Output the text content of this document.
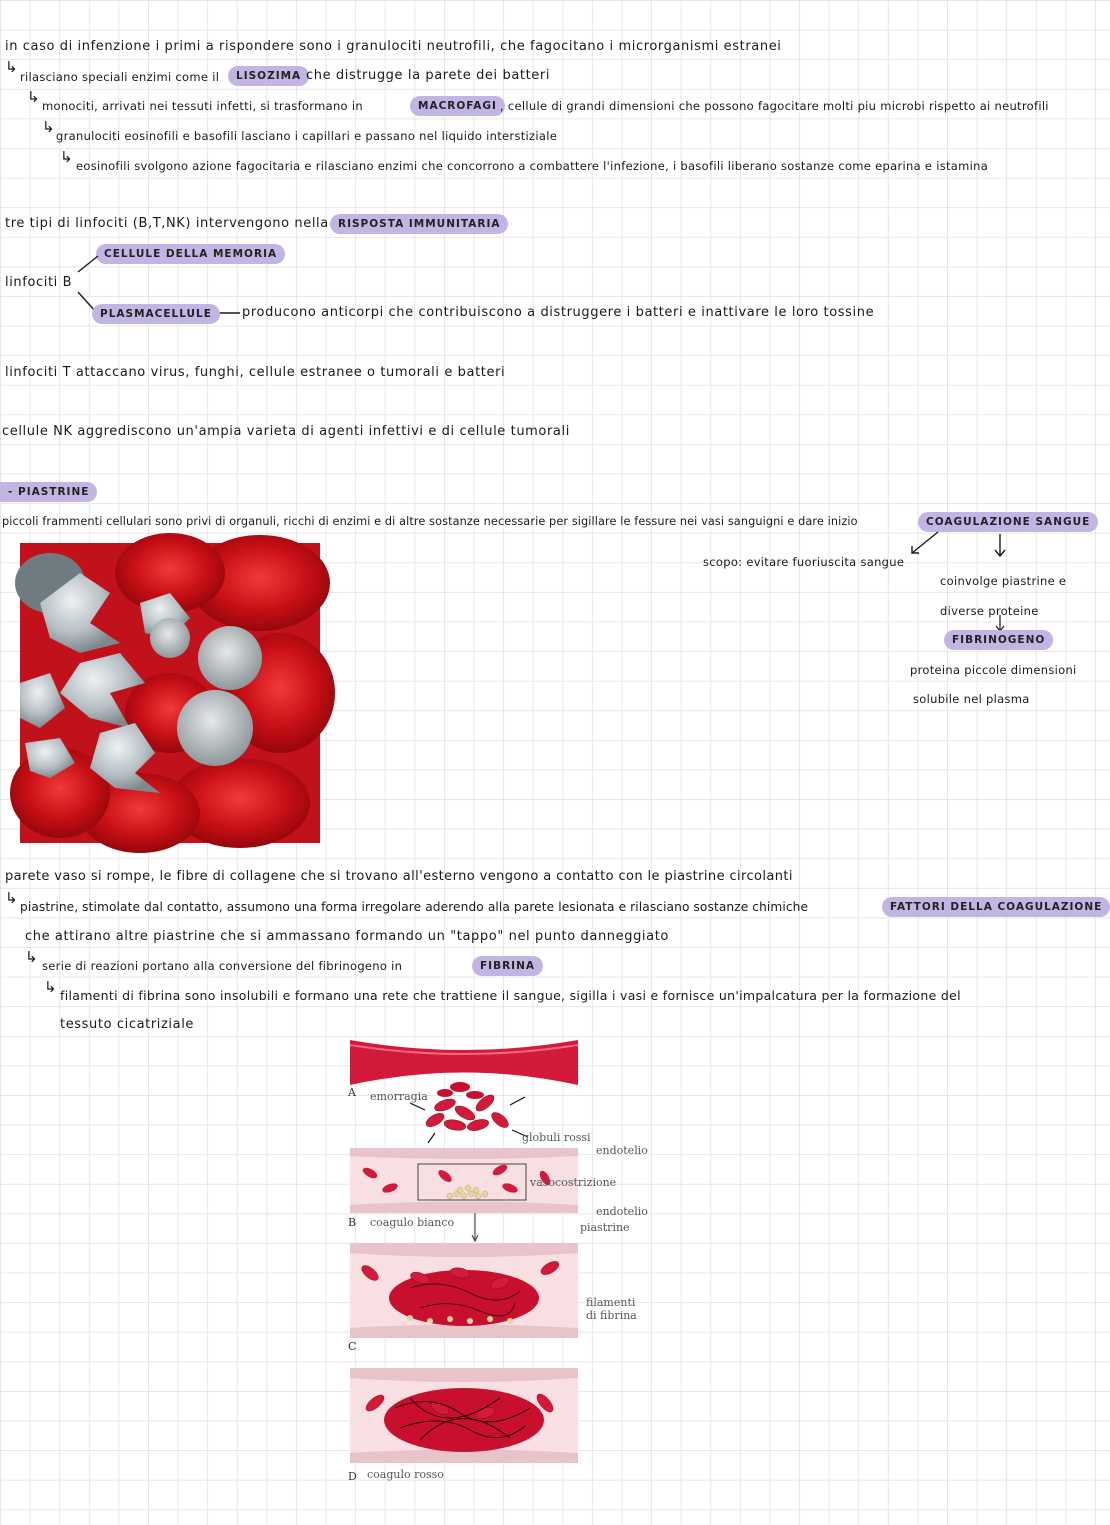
in caso di infenzione i primi a rispondere sono i granulociti neutrofili, che fagocitano i microrganismi estranei
↳
rilasciano speciali enzimi come il	LISOZIMA che distrugge la parete dei batteri
↳ monociti, arrivati nei tessuti infetti, si trasformano in	MACROFAGI , cellule di grandi dimensioni che possono fagocitare molti piu microbi rispetto ai neutrofili
↳ granulociti eosinofili e basofili lasciano i capillari e passano nel liquido interstiziale
↳ eosinofili svolgono azione fagocitaria e rilasciano enzimi che concorrono a combattere l'infezione, i basofili liberano sostanze come eparina e istamina
tre tipi di linfociti (B,T,NK) intervengono nella RISPOSTA IMMUNITARIA
CELLULE DELLA MEMORIA
linfociti B
PLASMACELLULE	producono anticorpi che contribuiscono a distruggere i batteri e inattivare le loro tossine
linfociti T attaccano virus, funghi, cellule estranee o tumorali e batteri
cellule NK aggrediscono un'ampia varieta di agenti infettivi e di cellule tumorali
- PIASTRINE
piccoli frammenti cellulari sono privi di organuli, ricchi di enzimi e di altre sostanze necessarie per sigillare le fessure nei vasi sanguigni e dare inizio	COAGULAZIONE SANGUE
scopo: evitare fuoriuscita sangue
coinvolge piastrine e
diverse proteine
FIBRINOGENO
proteina piccole dimensioni
solubile nel plasma
parete vaso si rompe, le fibre di collagene che si trovano all'esterno vengono a contatto con le piastrine circolanti
↳ piastrine, stimolate dal contatto, assumono una forma irregolare aderendo alla parete lesionata e rilasciano sostanze chimiche	FATTORI DELLA COAGULAZIONE
che attirano altre piastrine che si ammassano formando un "tappo" nel punto danneggiato
↳ serie di reazioni portano alla conversione del fibrinogeno in	FIBRINA
↳ filamenti di fibrina sono insolubili e formano una rete che trattiene il sangue, sigilla i vasi e fornisce un'impalcatura per la formazione del
tessuto cicatriziale
A emorragia
globuli rossi
endotelio
vasocostrizione
B coagulo bianco
endotelio
piastrine
filamenti
di fibrina
C
D coagulo rosso
